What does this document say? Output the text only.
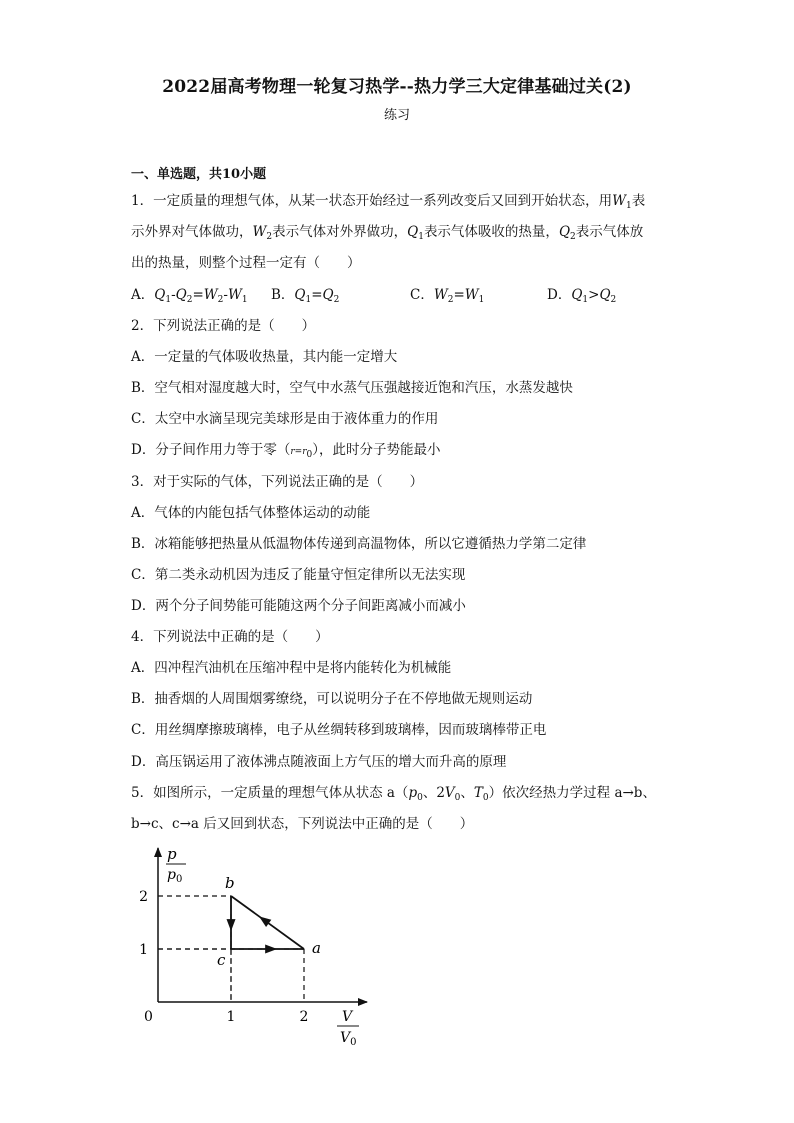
2022届高考物理一轮复习热学--热力学三大定律基础过关(2)
练习
一、单选题，共10小题
1．一定质量的理想气体，从某一状态开始经过一系列改变后又回到开始状态，用$W_1$表
示外界对气体做功，$W_2$表示气体对外界做功，$Q_1$表示气体吸收的热量，$Q_2$表示气体放
出的热量，则整个过程一定有（　　）
A．$Q_1-Q_2=W_2-W_1$ B．$Q_1=Q_2$	C．$W_2=W_1$	D．$Q_1>Q_2$
2．下列说法正确的是（　　）
A．一定量的气体吸收热量，其内能一定增大
B．空气相对湿度越大时，空气中水蒸气压强越接近饱和汽压，水蒸发越快
C．太空中水滴呈现完美球形是由于液体重力的作用
D．分子间作用力等于零$(r=r_0)$，此时分子势能最小
3．对于实际的气体，下列说法正确的是（　　）
A．气体的内能包括气体整体运动的动能
B．冰箱能够把热量从低温物体传递到高温物体，所以它遵循热力学第二定律
C．第二类永动机因为违反了能量守恒定律所以无法实现
D．两个分子间势能可能随这两个分子间距离减小而减小
4．下列说法中正确的是（　　）
A．四冲程汽油机在压缩冲程中是将内能转化为机械能
B．抽香烟的人周围烟雾缭绕，可以说明分子在不停地做无规则运动
C．用丝绸摩擦玻璃棒，电子从丝绸转移到玻璃棒，因而玻璃棒带正电
D．高压锅运用了液体沸点随液面上方气压的增大而升高的原理
5．如图所示，一定质量的理想气体从状态 $a(p_0$、$2V_0$、$T_0$）依次经热力学过程 a→b、
b→c、c→a 后又回到状态，下列说法中正确的是（　　）
p
$p_0$
V
$V_0$
0	1	2
1
2
a
b
c
